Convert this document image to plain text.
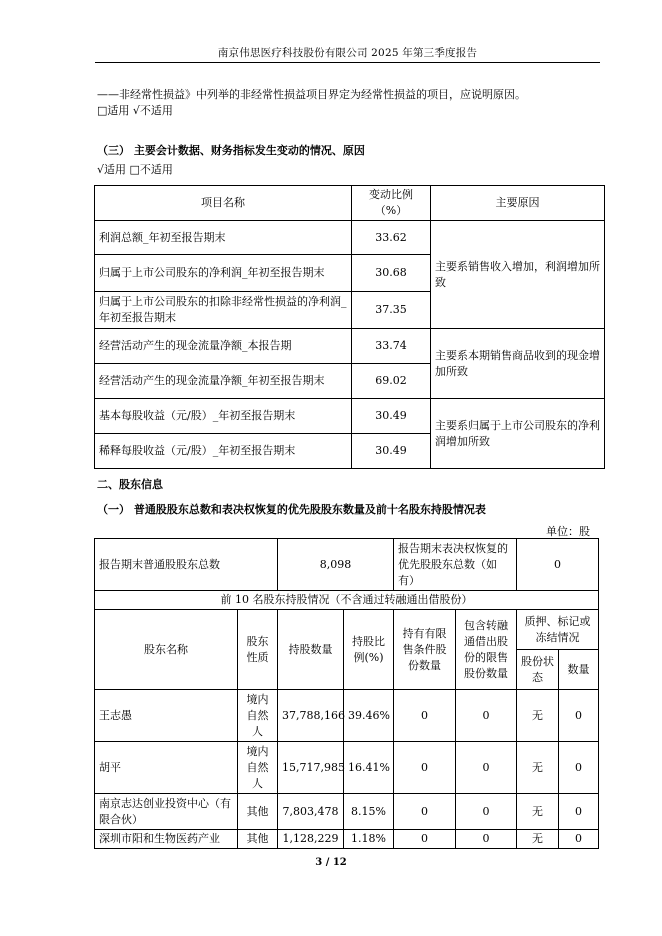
南京伟思医疗科技股份有限公司 2025 年第三季度报告
——非经常性损益》中列举的非经常性损益项目界定为经常性损益的项目，应说明原因。
□适用 √不适用
（三） 主要会计数据、财务指标发生变动的情况、原因
√适用 □不适用
项目名称	变动比例（%）	主要原因
利润总额_年初至报告期末	33.62	主要系销售收入增加，利润增加所致
归属于上市公司股东的净利润_年初至报告期末	30.68	
归属于上市公司股东的扣除非经常性损益的净利润_年初至报告期末	37.35	
经营活动产生的现金流量净额_本报告期	33.74	主要系本期销售商品收到的现金增加所致
经营活动产生的现金流量净额_年初至报告期末	69.02	
基本每股收益（元/股）_年初至报告期末	30.49	主要系归属于上市公司股东的净利润增加所致
稀释每股收益（元/股）_年初至报告期末	30.49	
二、股东信息
（一） 普通股股东总数和表决权恢复的优先股股东数量及前十名股东持股情况表
单位：股
报告期末普通股股东总数		8,098		报告期末表决权恢复的优先股股东总数（如有）		0	
前 10 名股东持股情况（不含通过转融通出借股份）							
股东名称	股东性质	持股数量	持股比例(%)	持有有限售条件股份数量	包含转融通借出股份的限售股份数量	质押、标记或冻结情况	
						股份状态	数量
王志愚	境内自然人	37,788,166	39.46%	0	0	无	0
胡平	境内自然人	15,717,985	16.41%	0	0	无	0
南京志达创业投资中心（有限合伙）	其他	7,803,478	8.15%	0	0	无	0
深圳市阳和生物医药产业	其他	1,128,229	1.18%	0	0	无	0
3 / 12
